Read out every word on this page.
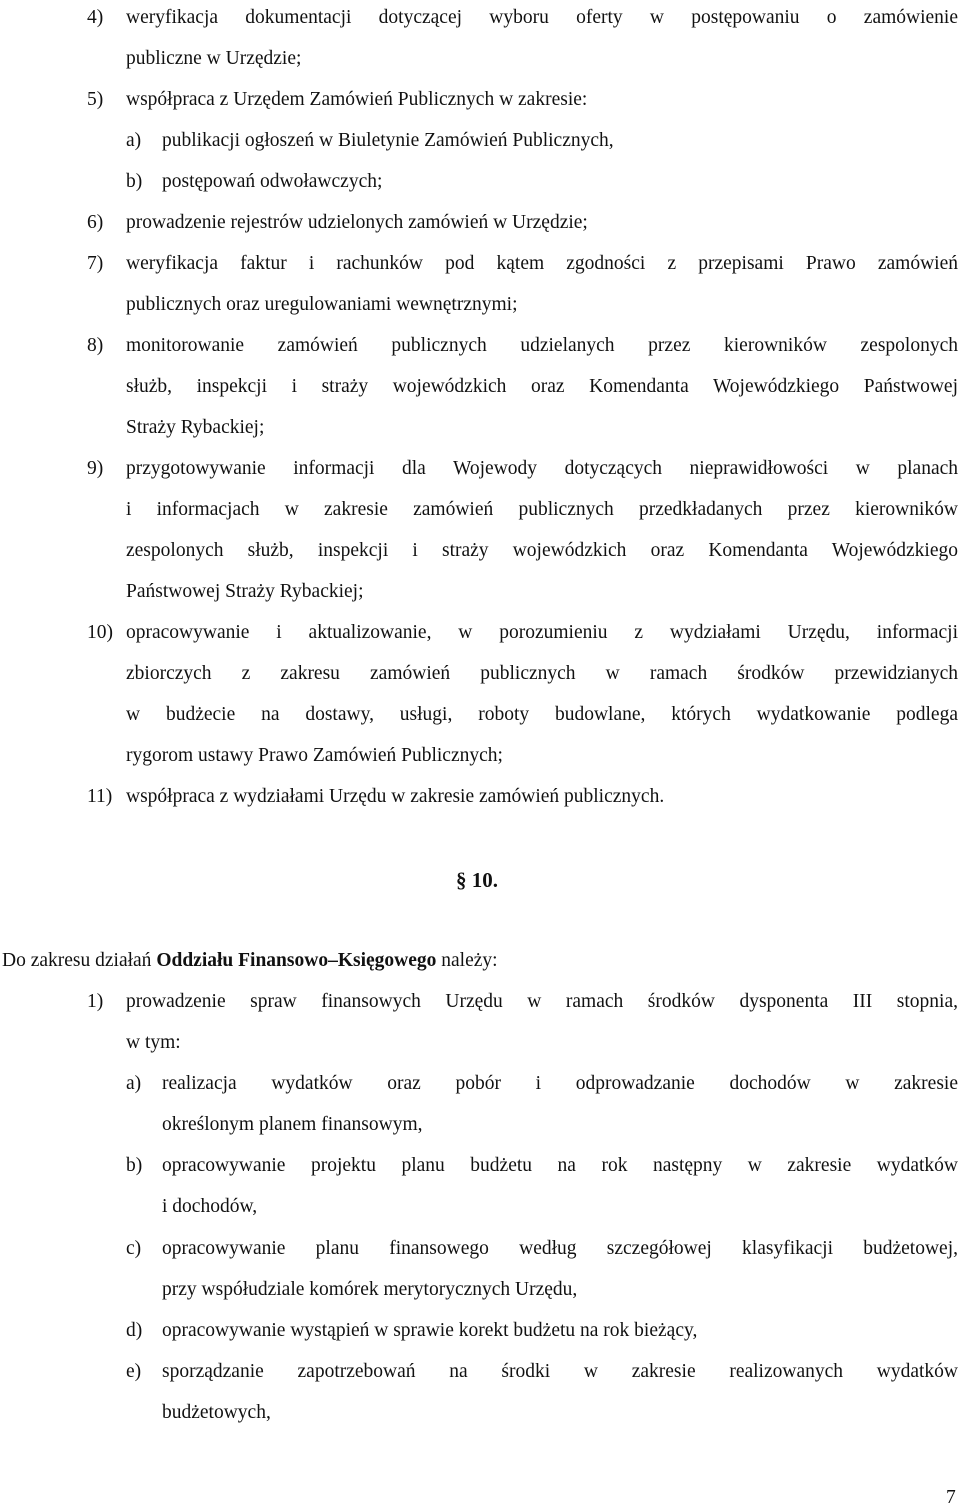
4) weryfikacja dokumentacji dotyczącej wyboru oferty w postępowaniu o zamówienie
publiczne w Urzędzie;
5) współpraca z Urzędem Zamówień Publicznych w zakresie:
a) publikacji ogłoszeń w Biuletynie Zamówień Publicznych,
b) postępowań odwoławczych;
6) prowadzenie rejestrów udzielonych zamówień w Urzędzie;
7) weryfikacja faktur i rachunków pod kątem zgodności z przepisami Prawo zamówień
publicznych oraz uregulowaniami wewnętrznymi;
8) monitorowanie zamówień publicznych udzielanych przez kierowników zespolonych
służb, inspekcji i straży wojewódzkich oraz Komendanta Wojewódzkiego Państwowej
Straży Rybackiej;
9) przygotowywanie informacji dla Wojewody dotyczących nieprawidłowości w planach
i informacjach w zakresie zamówień publicznych przedkładanych przez kierowników
zespolonych służb, inspekcji i straży wojewódzkich oraz Komendanta Wojewódzkiego
Państwowej Straży Rybackiej;
10) opracowywanie i aktualizowanie, w porozumieniu z wydziałami Urzędu, informacji
zbiorczych z zakresu zamówień publicznych w ramach środków przewidzianych
w budżecie na dostawy, usługi, roboty budowlane, których wydatkowanie podlega
rygorom ustawy Prawo Zamówień Publicznych;
11) współpraca z wydziałami Urzędu w zakresie zamówień publicznych.
§ 10.
Do zakresu działań Oddziału Finansowo–Księgowego należy:
1) prowadzenie spraw finansowych Urzędu w ramach środków dysponenta III stopnia,
w tym:
a) realizacja wydatków oraz pobór i odprowadzanie dochodów w zakresie
określonym planem finansowym,
b) opracowywanie projektu planu budżetu na rok następny w zakresie wydatków
i dochodów,
c) opracowywanie planu finansowego według szczegółowej klasyfikacji budżetowej,
przy współudziale komórek merytorycznych Urzędu,
d) opracowywanie wystąpień w sprawie korekt budżetu na rok bieżący,
e) sporządzanie zapotrzebowań na środki w zakresie realizowanych wydatków
budżetowych,
7
